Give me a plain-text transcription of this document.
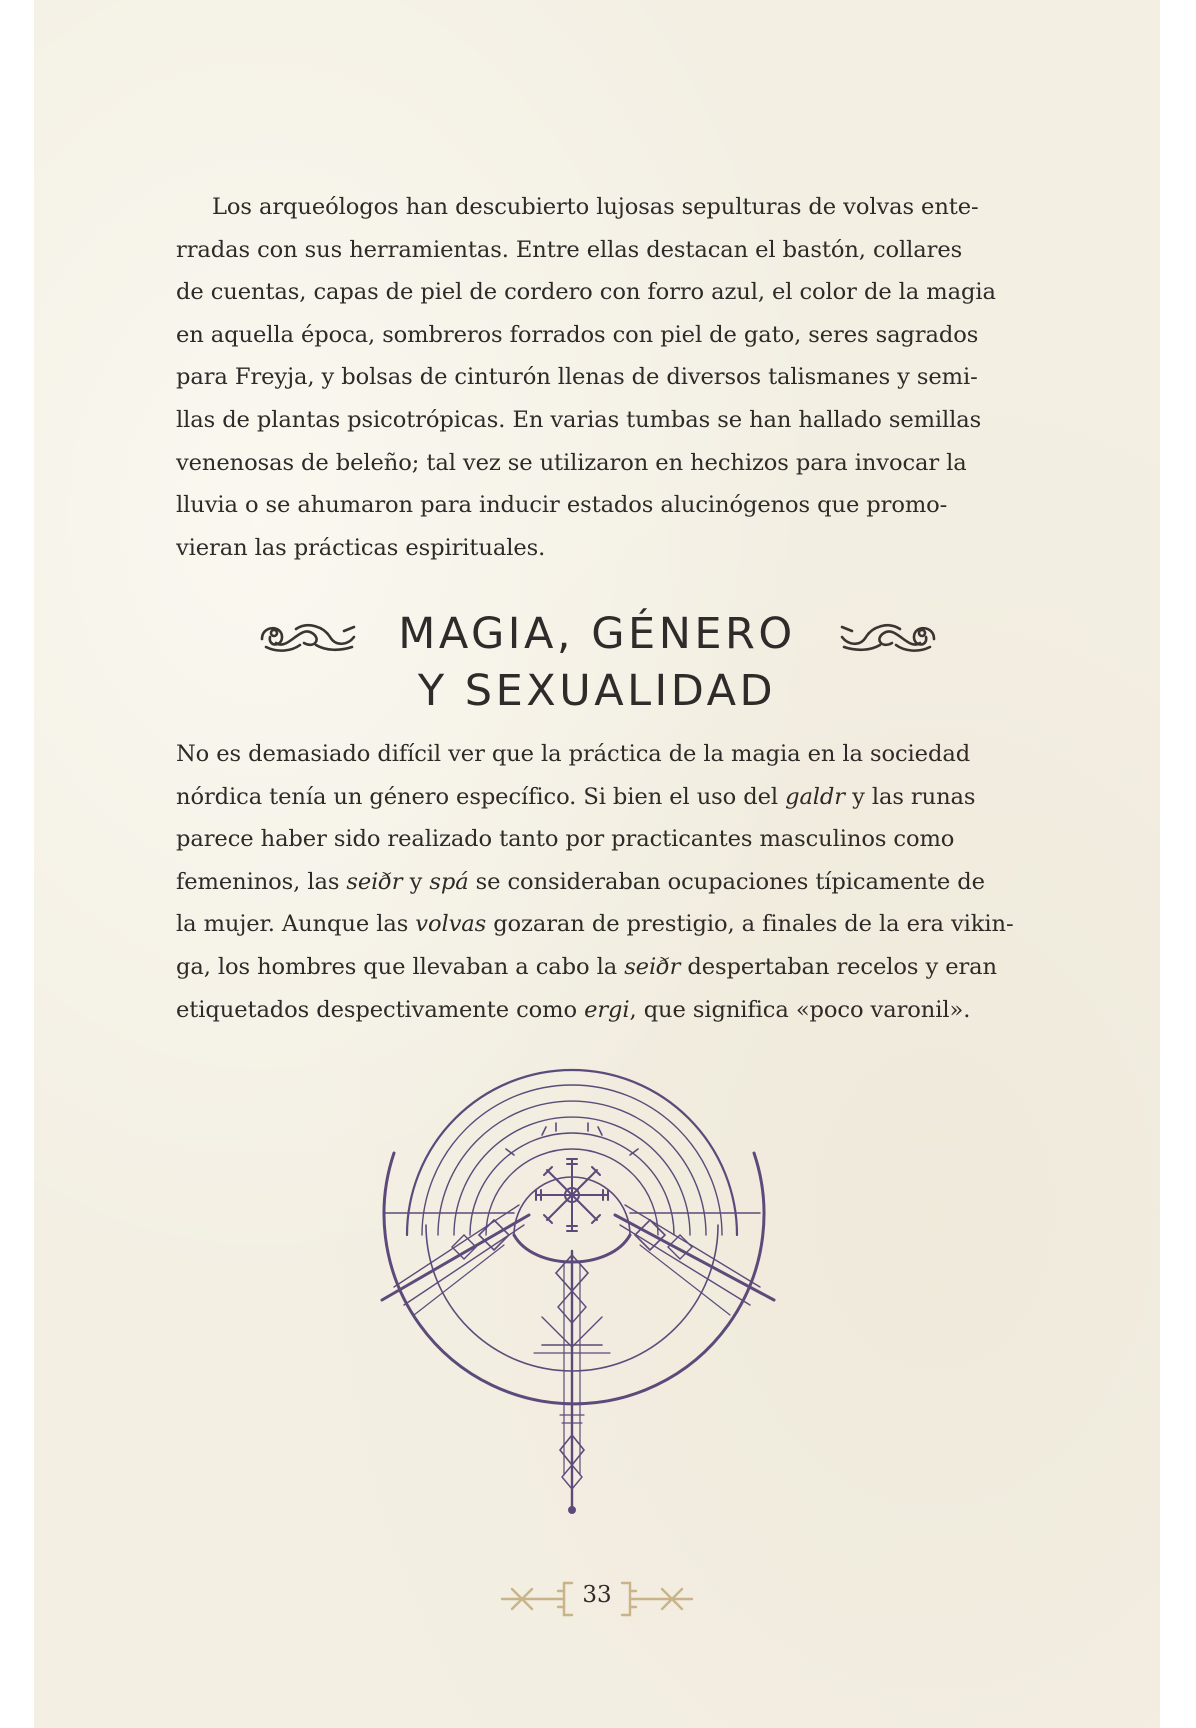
Los arqueólogos han descubierto lujosas sepulturas de volvas ente-
rradas con sus herramientas. Entre ellas destacan el bastón, collares
de cuentas, capas de piel de cordero con forro azul, el color de la magia
en aquella época, sombreros forrados con piel de gato, seres sagrados
para Freyja, y bolsas de cinturón llenas de diversos talismanes y semi-
llas de plantas psicotrópicas. En varias tumbas se han hallado semillas
venenosas de beleño; tal vez se utilizaron en hechizos para invocar la
lluvia o se ahumaron para inducir estados alucinógenos que promo-
vieran las prácticas espirituales.

MAGIA, GÉNERO
Y SEXUALIDAD

No es demasiado difícil ver que la práctica de la magia en la sociedad
nórdica tenía un género específico. Si bien el uso del galdr y las runas
parece haber sido realizado tanto por practicantes masculinos como
femeninos, las seiðr y spá se consideraban ocupaciones típicamente de
la mujer. Aunque las volvas gozaran de prestigio, a finales de la era vikin-
ga, los hombres que llevaban a cabo la seiðr despertaban recelos y eran
etiquetados despectivamente como ergi, que significa «poco varonil».

33
